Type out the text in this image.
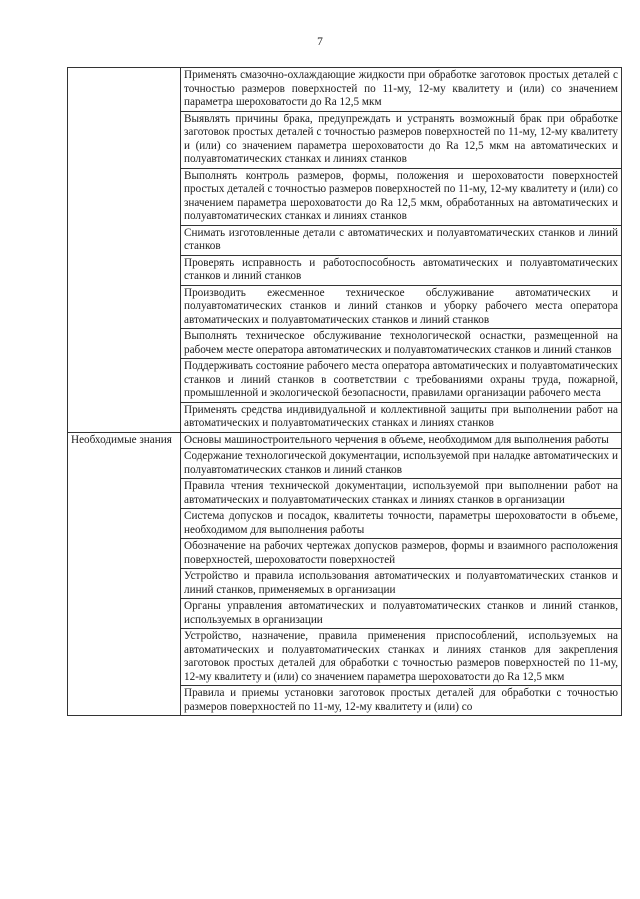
7
	Применять смазочно-охлаждающие жидкости при обработке заготовок простых деталей с точностью размеров поверхностей по 11-му, 12-му квалитету и (или) со значением параметра шероховатости до Ra 12,5 мкм
	Выявлять причины брака, предупреждать и устранять возможный брак при обработке заготовок простых деталей с точностью размеров поверхностей по 11-му, 12-му квалитету и (или) со значением параметра шероховатости до Ra 12,5 мкм на автоматических и полуавтоматических станках и линиях станков
	Выполнять контроль размеров, формы, положения и шероховатости поверхностей простых деталей с точностью размеров поверхностей по 11-му, 12-му квалитету и (или) со значением параметра шероховатости до Ra 12,5 мкм, обработанных на автоматических и полуавтоматических станках и линиях станков
	Снимать изготовленные детали с автоматических и полуавтоматических станков и линий станков
	Проверять исправность и работоспособность автоматических и полуавтоматических станков и линий станков
	Производить ежесменное техническое обслуживание автоматических и полуавтоматических станков и линий станков и уборку рабочего места оператора автоматических и полуавтоматических станков и линий станков
	Выполнять техническое обслуживание технологической оснастки, размещенной на рабочем месте оператора автоматических и полуавтоматических станков и линий станков
	Поддерживать состояние рабочего места оператора автоматических и полуавтоматических станков и линий станков в соответствии с требованиями охраны труда, пожарной, промышленной и экологической безопасности, правилами организации рабочего места
	Применять средства индивидуальной и коллективной защиты при выполнении работ на автоматических и полуавтоматических станках и линиях станков
Необходимые знания	Основы машиностроительного черчения в объеме, необходимом для выполнения работы
	Содержание технологической документации, используемой при наладке автоматических и полуавтоматических станков и линий станков
	Правила чтения технической документации, используемой при выполнении работ на автоматических и полуавтоматических станках и линиях станков в организации
	Система допусков и посадок, квалитеты точности, параметры шероховатости в объеме, необходимом для выполнения работы
	Обозначение на рабочих чертежах допусков размеров, формы и взаимного расположения поверхностей, шероховатости поверхностей
	Устройство и правила использования автоматических и полуавтоматических станков и линий станков, применяемых в организации
	Органы управления автоматических и полуавтоматических станков и линий станков, используемых в организации
	Устройство, назначение, правила применения приспособлений, используемых на автоматических и полуавтоматических станках и линиях станков для закрепления заготовок простых деталей для обработки с точностью размеров поверхностей по 11-му, 12-му квалитету и (или) со значением параметра шероховатости до Ra 12,5 мкм
	Правила и приемы установки заготовок простых деталей для обработки с точностью размеров поверхностей по 11-му, 12-му квалитету и (или) со
